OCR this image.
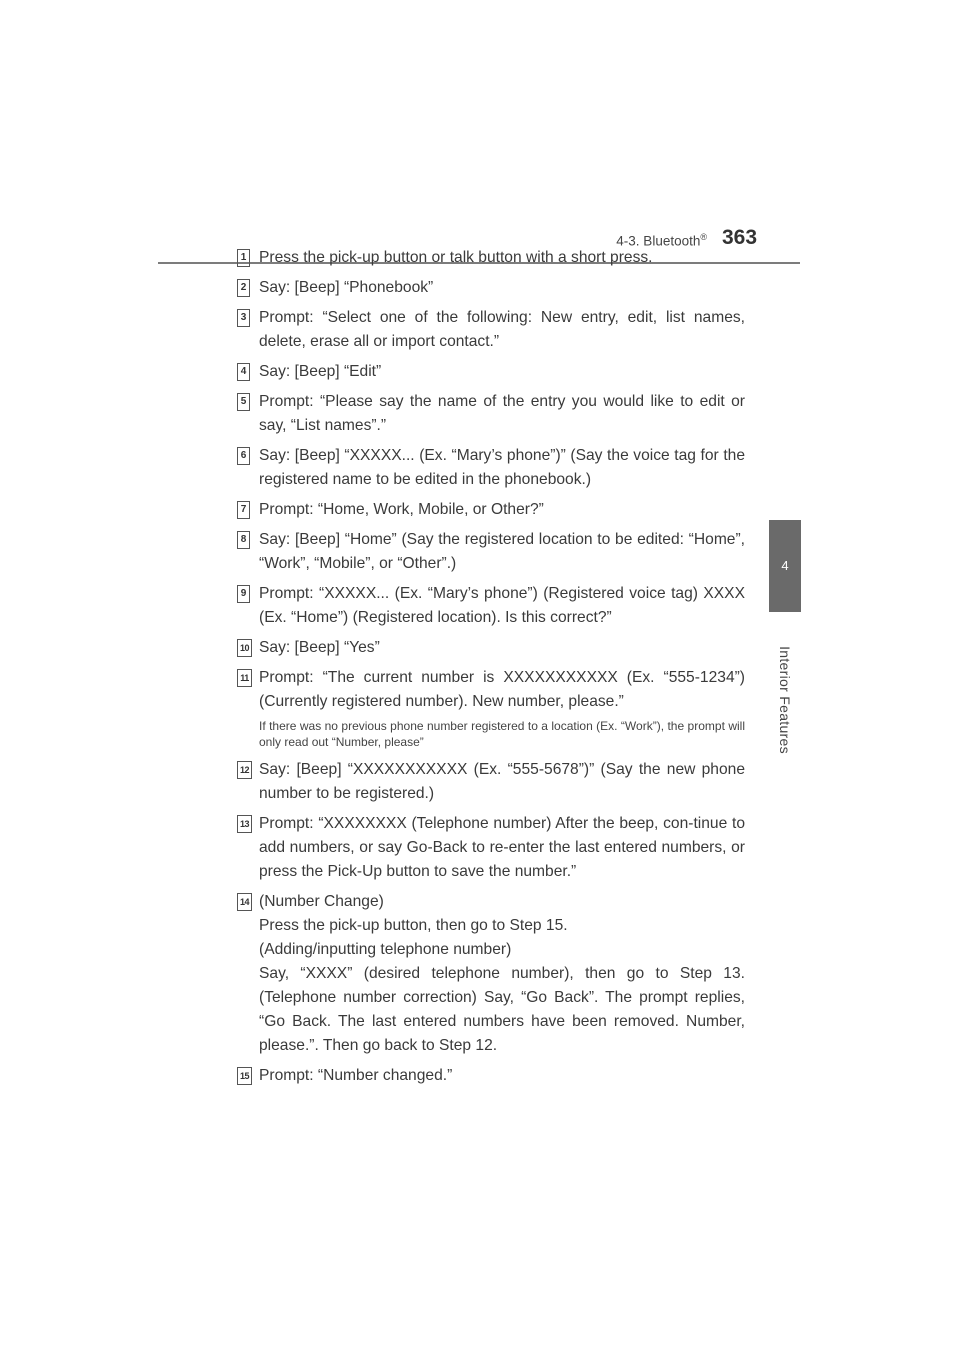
363
4-3. Bluetooth®
4
Interior Features
1 Press the pick-up button or talk button with a short press.
2 Say: [Beep] “Phonebook”
3 Prompt: “Select one of the following: New entry, edit, list names, delete, erase all or import contact.”
4 Say: [Beep] “Edit”
5 Prompt: “Please say the name of the entry you would like to edit or say, “List names”.”
6 Say: [Beep] “XXXXX... (Ex. “Mary’s phone”)” (Say the voice tag for the registered name to be edited in the phonebook.)
7 Prompt: “Home, Work, Mobile, or Other?”
8 Say: [Beep] “Home” (Say the registered location to be edited: “Home”, “Work”, “Mobile”, or “Other”.)
9 Prompt: “XXXXX... (Ex. “Mary’s phone”) (Registered voice tag) XXXX (Ex. “Home”) (Registered location). Is this correct?”
10 Say: [Beep] “Yes”
11 Prompt: “The current number is XXXXXXXXXXX (Ex. “555-1234”) (Currently registered number). New number, please.”
If there was no previous phone number registered to a location (Ex. “Work”), the prompt will only read out “Number, please”
12 Say: [Beep] “XXXXXXXXXXX (Ex. “555-5678”)” (Say the new phone number to be registered.)
13 Prompt: “XXXXXXXX (Telephone number) After the beep, con-tinue to add numbers, or say Go-Back to re-enter the last entered numbers, or press the Pick-Up button to save the number.”
14 (Number Change)
Press the pick-up button, then go to Step 15.
(Adding/inputting telephone number)
Say, “XXXX” (desired telephone number), then go to Step 13. (Telephone number correction) Say, “Go Back”. The prompt replies, “Go Back. The last entered numbers have been removed. Number, please.”. Then go back to Step 12.
15 Prompt: “Number changed.”
